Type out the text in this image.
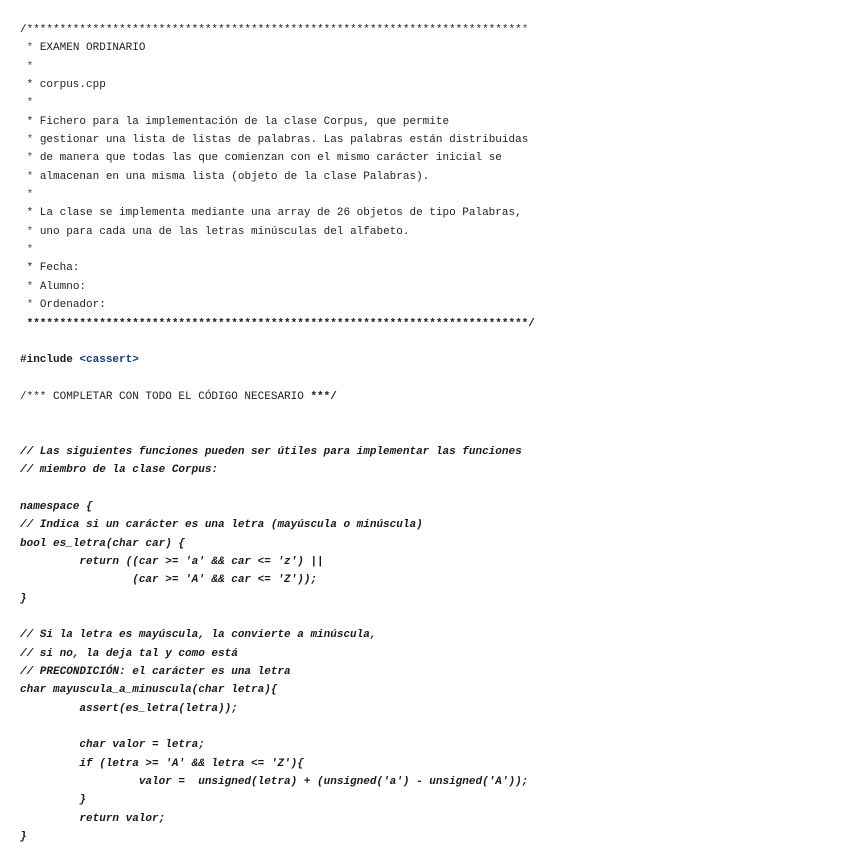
/****************************************************************************
* EXAMEN ORDINARIO
*
* corpus.cpp
*
* Fichero para la implementación de la clase Corpus, que permite
* gestionar una lista de listas de palabras. Las palabras están distribuidas
* de manera que todas las que comienzan con el mismo carácter inicial se
* almacenan en una misma lista (objeto de la clase Palabras).
*
* La clase se implementa mediante una array de 26 objetos de tipo Palabras,
* uno para cada una de las letras minúsculas del alfabeto.
*
* Fecha:
* Alumno:
* Ordenador:
****************************************************************************/
#include <cassert>
/*** COMPLETAR CON TODO EL CÓDIGO NECESARIO ***/
// Las siguientes funciones pueden ser útiles para implementar las funciones
// miembro de la clase Corpus:
namespace {
// Indica si un carácter es una letra (mayúscula o minúscula)
bool es_letra(char car) {
return ((car >= 'a' && car <= 'z') ||
(car >= 'A' && car <= 'Z'));
}
// Si la letra es mayúscula, la convierte a minúscula,
// si no, la deja tal y como está
// PRECONDICIÓN: el carácter es una letra
char mayuscula_a_minuscula(char letra){
assert(es_letra(letra));
char valor = letra;
if (letra >= 'A' && letra <= 'Z'){
valor =  unsigned(letra) + (unsigned('a') - unsigned('A'));
}
return valor;
}
